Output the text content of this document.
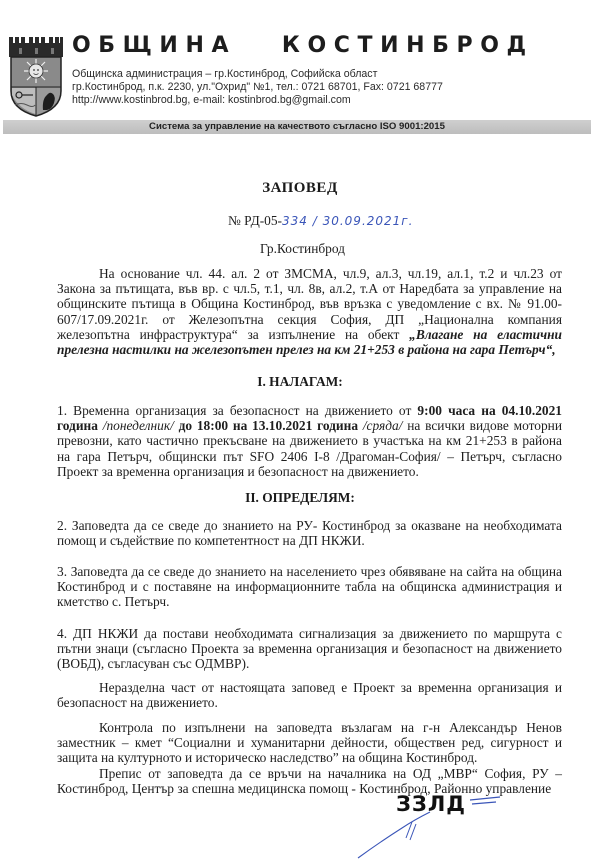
ОБЩИНА   КОСТИНБРОД
Общинска администрация – гр.Костинброд, Софийска област
гр.Костинброд, п.к. 2230, ул."Охрид" №1, тел.: 0721 68701, Fax: 0721 68777
http://www.kostinbrod.bg, e-mail: kostinbrod.bg@gmail.com
Система за управление на качеството съгласно ISO 9001:2015
ЗАПОВЕД
№ РД-05-334 / 30.09.2021г.
Гр.Костинброд
На основание чл. 44. ал. 2 от ЗМСМА, чл.9, ал.3, чл.19, ал.1, т.2 и чл.23 от Закона за пътищата, във вр. с чл.5, т.1, чл. 8в, ал.2, т.А от Наредбата за управление на общинските пътища в Община Костинброд, във връзка с уведомление с вх. № 91.00-607/17.09.2021г. от Железопътна секция София, ДП „Национална компания железопътна инфраструктура“ за изпълнение на обект „Влагане на еластични прелезна настилки на железопътен прелез на км 21+253 в района на гара Петърч“,
I. НАЛАГАМ:
1. Временна организация за безопасност на движението от 9:00 часа на 04.10.2021 година /понеделник/ до 18:00 на 13.10.2021 година /сряда/ на всички видове моторни превозни, като частично прекъсване на движението в участъка на км 21+253 в района на гара Петърч, общински път SFO 2406 I-8 /Драгоман-София/ – Петърч, съгласно Проект за временна организация и безопасност на движението.
II. ОПРЕДЕЛЯМ:
2. Заповедта да се сведе до знанието на РУ- Костинброд за оказване на необходимата помощ и съдействие по компетентност на ДП НКЖИ.
3. Заповедта да се сведе до знанието на населението чрез обявяване на сайта на община Костинброд и с поставяне на информационните табла на общинска администрация и кметство с. Петърч.
4. ДП НКЖИ да постави необходимата сигнализация за движението по маршрута с пътни знаци (съгласно Проекта за временна организация и безопасност на движението (ВОБД), съгласуван със ОДМВР).
Неразделна част от настоящата заповед е Проект за временна организация и безопасност на движението.
Контрола по изпълнени на заповедта възлагам на г-н Александър Ненов заместник – кмет “Социални и хуманитарни дейности, обществен ред, сигурност и защита на културното и историческо наследство” на община Костинброд.
Препис от заповедта да се връчи на началника на ОД „МВР“ София, РУ – Костинброд, Център за спешна медицинска помощ - Костинброд, Районно управление
ЗЗЛД
